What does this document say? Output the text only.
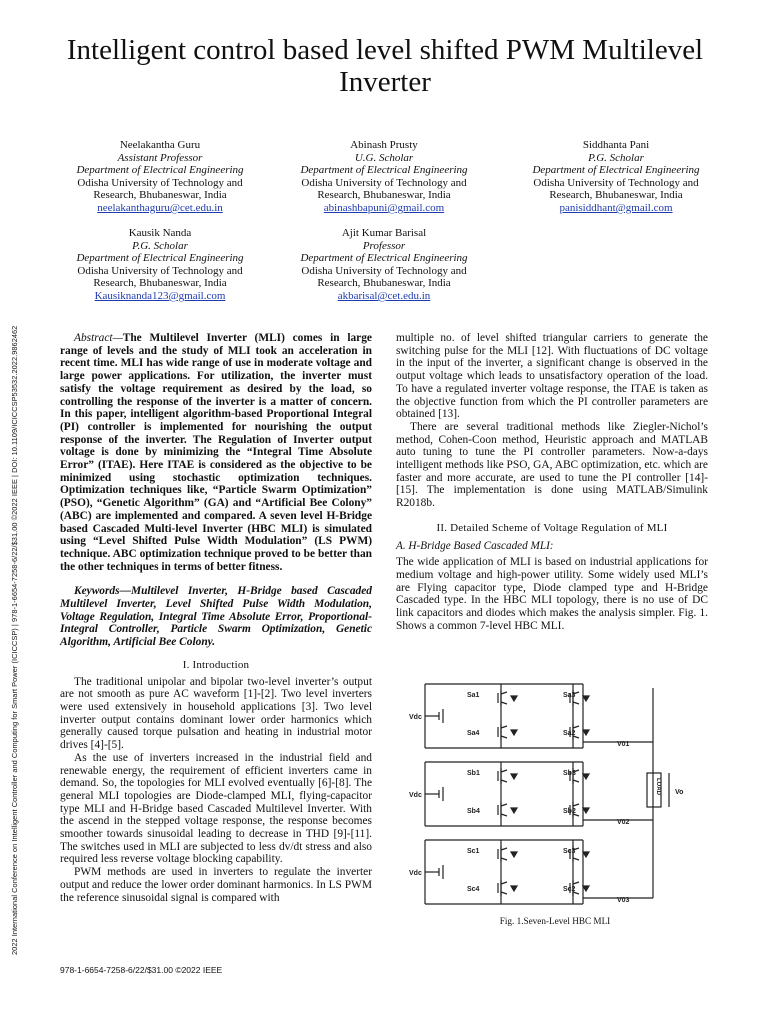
2022 International Conference on Intelligent Controller and Computing for Smart Power (ICICCSP) | 978-1-6654-7258-6/22/$31.00 ©2022 IEEE | DOI: 10.1109/ICICCSP53532.2022.9862462
Intelligent control based level shifted PWM Multilevel Inverter
Neelakantha Guru
Assistant Professor
Department of Electrical Engineering
Odisha University of Technology and
Research, Bhubaneswar, India
neelakanthaguru@cet.edu.in
Abinash Prusty
U.G. Scholar
Department of Electrical Engineering
Odisha University of Technology and
Research, Bhubaneswar, India
abinashbapuni@gmail.com
Siddhanta Pani
P.G. Scholar
Department of Electrical Engineering
Odisha University of Technology and
Research, Bhubaneswar, India
panisiddhant@gmail.com
Kausik Nanda
P.G. Scholar
Department of Electrical Engineering
Odisha University of Technology and
Research, Bhubaneswar, India
Kausiknanda123@gmail.com
Ajit Kumar Barisal
Professor
Department of Electrical Engineering
Odisha University of Technology and
Research, Bhubaneswar, India
akbarisal@cet.edu.in

Abstract—The Multilevel Inverter (MLI) comes in large range of levels and the study of MLI took an acceleration in recent time. MLI has wide range of use in moderate voltage and large power applications. For utilization, the inverter must satisfy the voltage requirement as desired by the load, so controlling the response of the inverter is a matter of concern. In this paper, intelligent algorithm-based Proportional Integral (PI) controller is implemented for nourishing the output response of the inverter. The Regulation of Inverter output voltage is done by minimizing the “Integral Time Absolute Error” (ITAE). Here ITAE is considered as the objective to be minimized using stochastic optimization techniques. Optimization techniques like, “Particle Swarm Optimization” (PSO), “Genetic Algorithm” (GA) and “Artificial Bee Colony” (ABC) are implemented and compared. A seven level H-Bridge based Cascaded Multi-level Inverter (HBC MLI) is simulated using “Level Shifted Pulse Width Modulation” (LS PWM) technique. ABC optimization technique proved to be better than the other techniques in terms of better fitness.

Keywords—Multilevel Inverter, H-Bridge based Cascaded Multilevel Inverter, Level Shifted Pulse Width Modulation, Voltage Regulation, Integral Time Absolute Error, Proportional-Integral Controller, Particle Swarm Optimization, Genetic Algorithm, Artificial Bee Colony.

I. Introduction

The traditional unipolar and bipolar two-level inverter’s output are not smooth as pure AC waveform [1]-[2]. Two level inverters were used extensively in household applications [3]. Two level inverter output contains dominant lower order harmonics which generally caused torque pulsation and heating in industrial motor drives [4]-[5].

As the use of inverters increased in the industrial field and renewable energy, the requirement of efficient inverters came in demand. So, the topologies for MLI evolved eventually [6]-[8]. The general MLI topologies are Diode-clamped MLI, flying-capacitor type MLI and H-Bridge based Cascaded Multilevel Inverter. With the ascend in the stepped voltage response, the response becomes smoother towards sinusoidal leading to decrease in THD [9]-[11]. The switches used in MLI are subjected to less dv/dt stress and also required less reverse voltage blocking capability.

PWM methods are used in inverters to regulate the inverter output and reduce the lower order dominant harmonics. In LS PWM the reference sinusoidal signal is compared with

multiple no. of level shifted triangular carriers to generate the switching pulse for the MLI [12]. With fluctuations of DC voltage in the input of the inverter, a significant change is observed in the output voltage which leads to unsatisfactory operation of the load. To have a regulated inverter voltage response, the ITAE is taken as the objective function from which the PI controller parameters are obtained [13].

There are several traditional methods like Ziegler-Nichol’s method, Cohen-Coon method, Heuristic approach and MATLAB auto tuning to tune the PI controller parameters. Now-a-days intelligent methods like PSO, GA, ABC optimization, etc. which are faster and more accurate, are used to tune the PI controller [14]-[15]. The implementation is done using MATLAB/Simulink R2018b.

II. Detailed Scheme of Voltage Regulation of MLI

A. H-Bridge Based Cascaded MLI:

The wide application of MLI is based on industrial applications for medium voltage and high-power utility. Some widely used MLI’s are Flying capacitor type, Diode clamped type and H-Bridge Cascaded type. In the HBC MLI topology, there is no use of DC link capacitors and diodes which makes the analysis simpler. Fig. 1. Shows a common 7-level HBC MLI.

Vdc
Sa1	Sa3
Sa4	Sa2
V01
Vdc
Sb1	Sb3
Sb4	Sb2
V02
Vdc
Sc1	Sc3
Sc4	Sc2
V03
LOAD Vo
Fig. 1.Seven-Level HBC MLI
978-1-6654-7258-6/22/$31.00 ©2022 IEEE
